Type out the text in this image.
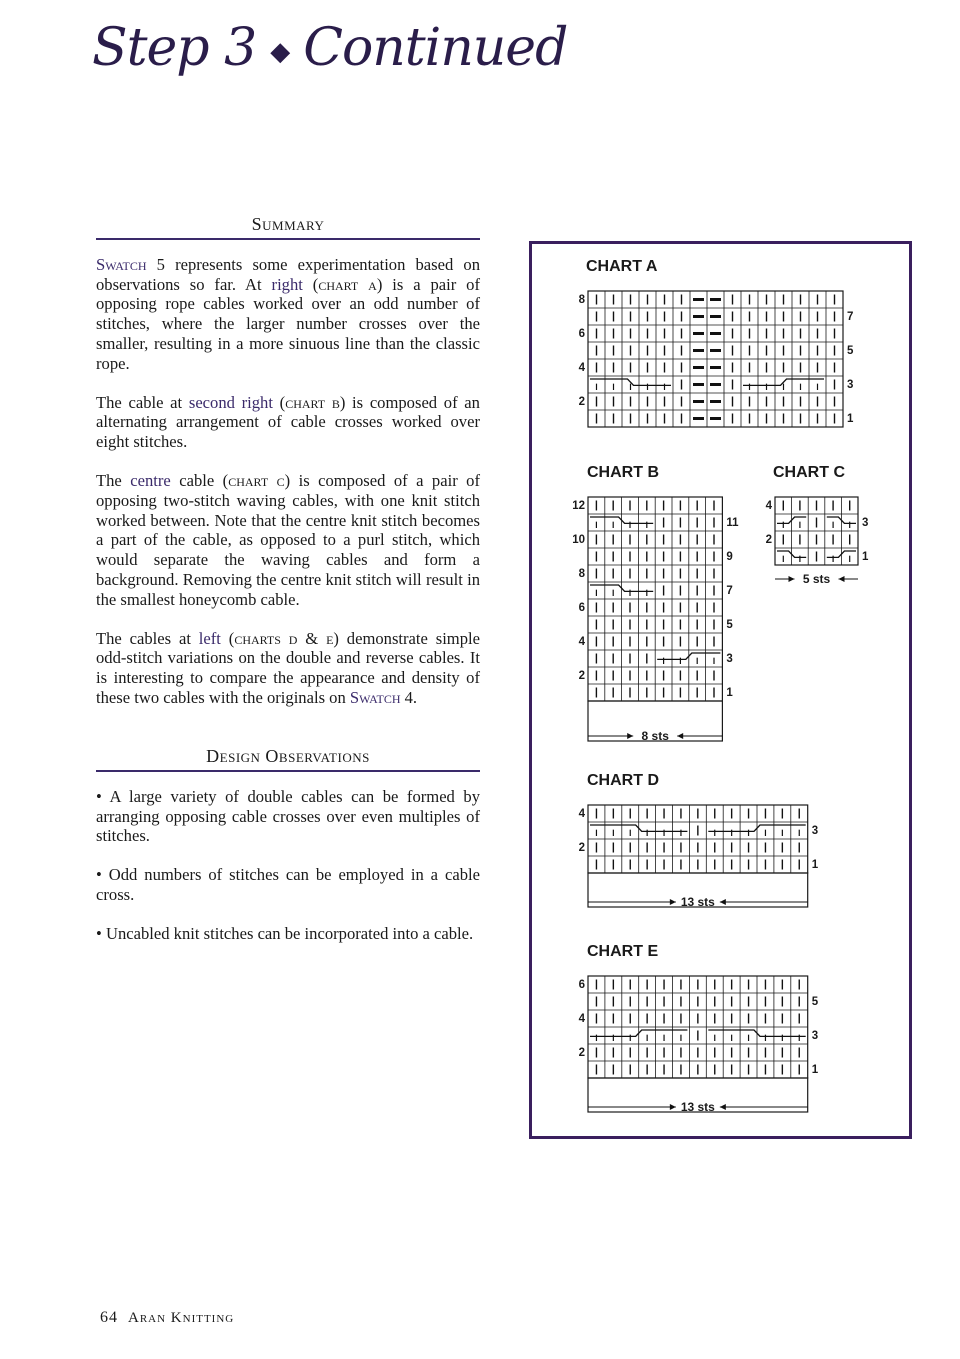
Step 3 ◆ Continued
Summary

Swatch 5 represents some experimentation based on observations so far. At right (chart a) is a pair of opposing rope cables worked over an odd number of stitches, where the larger number crosses over the smaller, resulting in a more sinuous line than the classic rope.

The cable at second right (chart b) is composed of an alternating arrangement of cable crosses worked over eight stitches.

The centre cable (chart c) is composed of a pair of opposing two-stitch waving cables, with one knit stitch worked between. Note that the centre knit stitch becomes a part of the cable, as opposed to a purl stitch, which would separate the waving cables and form a background. Removing the centre knit stitch will result in the smallest honeycomb cable.

The cables at left (charts d & e) demonstrate simple odd-stitch variations on the double and reverse cables. It is interesting to compare the appearance and density of these two cables with the originals on Swatch 4.

Design Observations

• A large variety of double cables can be formed by arranging opposing cable crosses over even multiples of stitches.

• Odd numbers of stitches can be employed in a cable cross.

• Uncabled knit stitches can be incorporated into a cable.

64 Aran Knitting
CHART A
2
4
6
8
1
3
5
7
CHART B
2
4
6
8
10
12
1
3
5
7
9
11
8 sts
CHART C
2
4
1
3
5 sts
CHART D
2
4
1
3
13 sts
CHART E
2
4
6
1
3
5
13 sts
